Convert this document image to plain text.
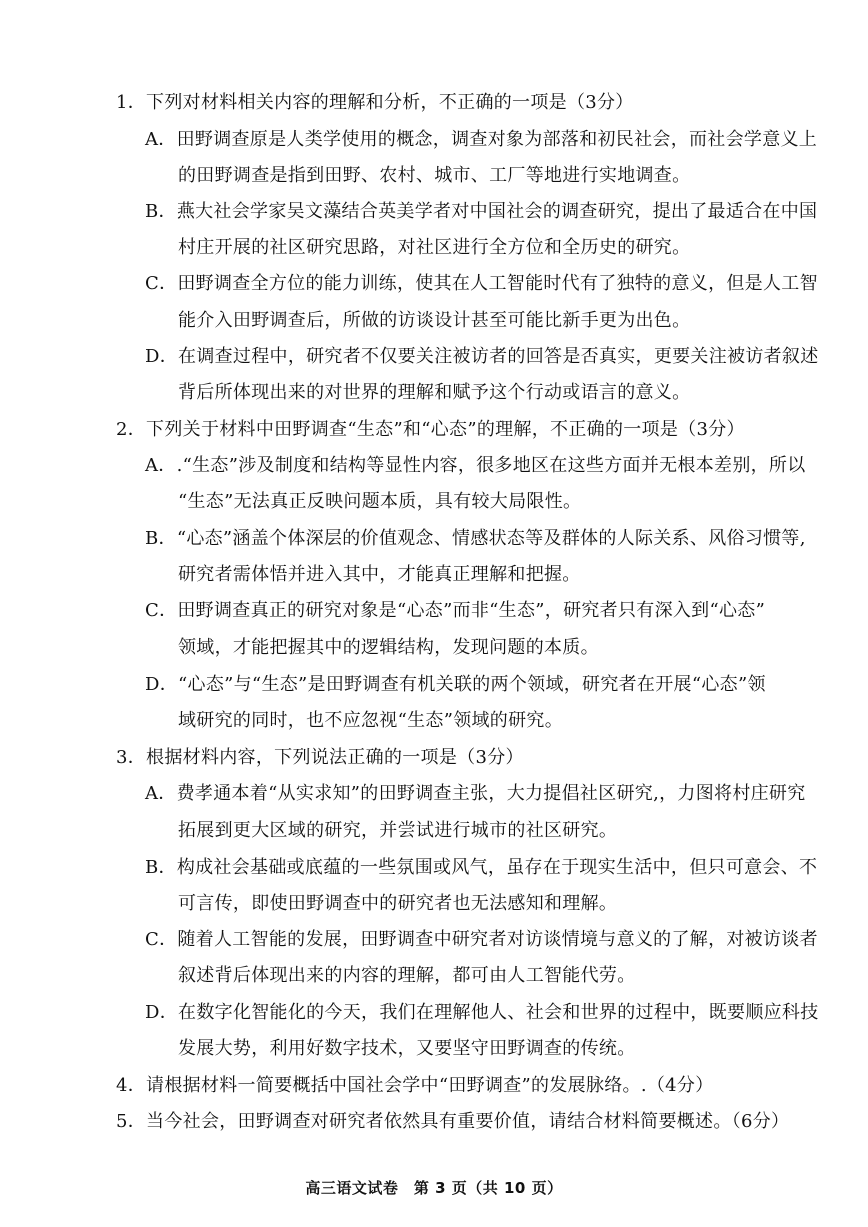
1．下列对材料相关内容的理解和分析，不正确的一项是（3分）
A．田野调查原是人类学使用的概念，调查对象为部落和初民社会，而社会学意义上
的田野调查是指到田野、农村、城市、工厂等地进行实地调查。
B．燕大社会学家吴文藻结合英美学者对中国社会的调查研究，提出了最适合在中国
村庄开展的社区研究思路，对社区进行全方位和全历史的研究。
C．田野调查全方位的能力训练，使其在人工智能时代有了独特的意义，但是人工智
能介入田野调查后，所做的访谈设计甚至可能比新手更为出色。
D．在调查过程中，研究者不仅要关注被访者的回答是否真实，更要关注被访者叙述
背后所体现出来的对世界的理解和赋予这个行动或语言的意义。
2．下列关于材料中田野调查“生态”和“心态”的理解，不正确的一项是（3分）
A．.“生态”涉及制度和结构等显性内容，很多地区在这些方面并无根本差别，所以
“生态”无法真正反映问题本质，具有较大局限性。
B．“心态”涵盖个体深层的价值观念、情感状态等及群体的人际关系、风俗习惯等,
研究者需体悟并进入其中，才能真正理解和把握。
C．田野调查真正的研究对象是“心态”而非“生态”，研究者只有深入到“心态”
领域，才能把握其中的逻辑结构，发现问题的本质。
D．“心态”与“生态”是田野调查有机关联的两个领域，研究者在开展“心态”领
域研究的同时，也不应忽视“生态”领域的研究。
3．根据材料内容，下列说法正确的一项是（3分）
A．费孝通本着“从实求知”的田野调查主张，大力提倡社区研究,，力图将村庄研究
拓展到更大区域的研究，并尝试进行城市的社区研究。
B．构成社会基础或底蕴的一些氛围或风气，虽存在于现实生活中，但只可意会、不
可言传，即使田野调查中的研究者也无法感知和理解。
C．随着人工智能的发展，田野调查中研究者对访谈情境与意义的了解，对被访谈者
叙述背后体现出来的内容的理解，都可由人工智能代劳。
D．在数字化智能化的今天，我们在理解他人、社会和世界的过程中，既要顺应科技
发展大势，利用好数字技术，又要坚守田野调查的传统。
4．请根据材料一简要概括中国社会学中“田野调查”的发展脉络。.（4分）
5．当今社会，田野调查对研究者依然具有重要价值，请结合材料简要概述。（6分）
高三语文试卷　第 3 页（共 10 页）
